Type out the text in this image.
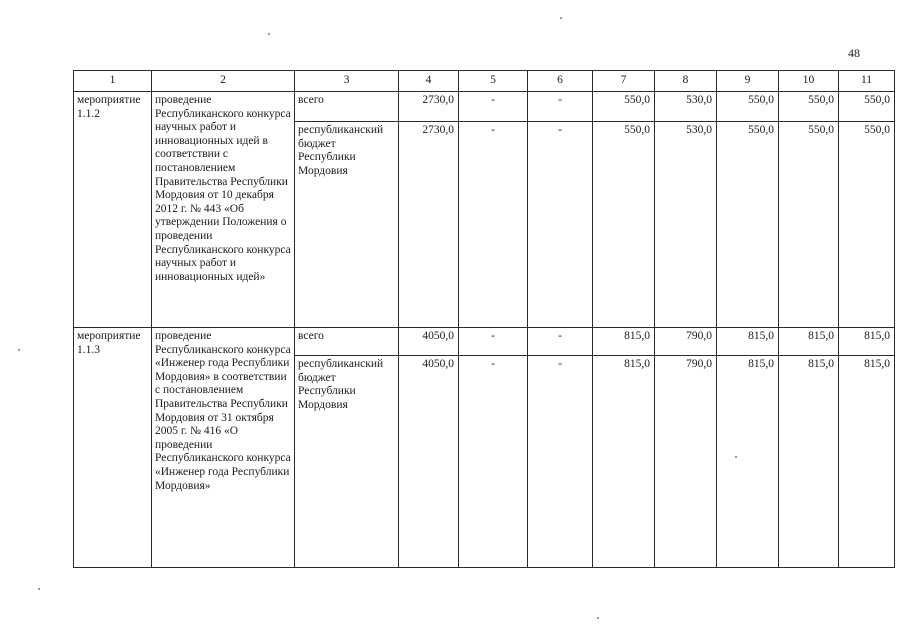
48
1	2	3	4	5	6	7	8	9	10	11
мероприятие 1.1.2	проведение Республиканского конкурса научных работ и инновационных идей в соответствии с постановлением Правительства Республики Мордовия от 10 декабря 2012 г. № 443 «Об утверждении Положения о проведении Республиканского конкурса научных работ и инновационных идей»	всего	2730,0	-	-	550,0	530,0	550,0	550,0	550,0
		республиканский бюджет Республики Мордовия	2730,0	-	-	550,0	530,0	550,0	550,0	550,0
мероприятие 1.1.3	проведение Республиканского конкурса «Инженер года Республики Мордовия» в соответствии с постановлением Правительства Республики Мордовия от 31 октября 2005 г. № 416 «О проведении Республиканского конкурса «Инженер года Республики Мордовия»	всего	4050,0	-	-	815,0	790,0	815,0	815,0	815,0
		республиканский бюджет Республики Мордовия	4050,0	-	-	815,0	790,0	815,0	815,0	815,0
